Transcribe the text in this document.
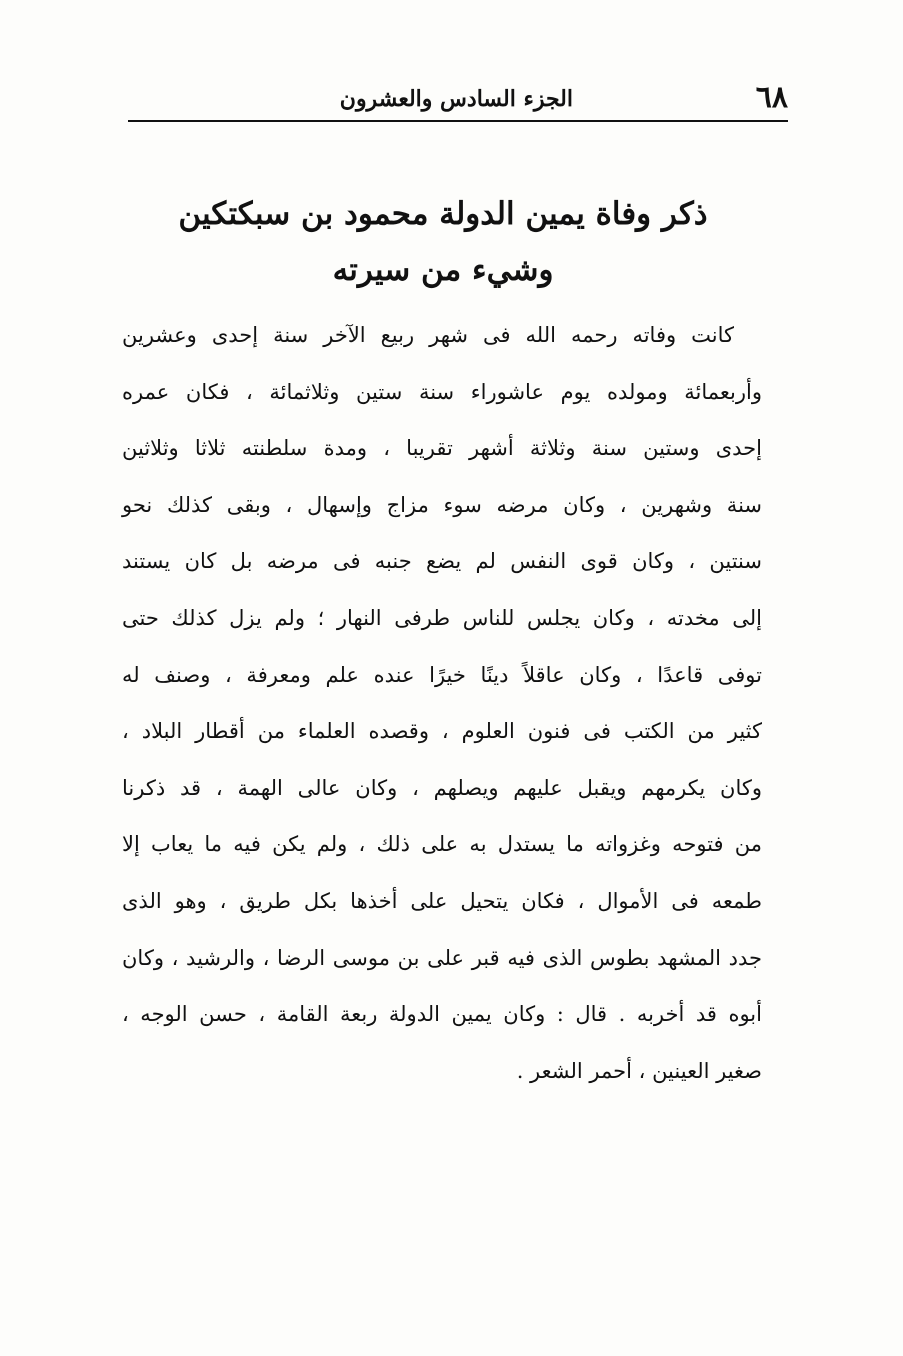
٦٨
الجزء السادس والعشرون
ذكر وفاة يمين الدولة محمود بن سبكتكين
وشيء من سيرته
كانت وفاته رحمه الله فى شهر ربيع الآخر سنة إحدى وعشرين
وأربعمائة ومولده يوم عاشوراء سنة ستين وثلاثمائة ، فكان عمره
إحدى وستين سنة وثلاثة أشهر تقريبا ، ومدة سلطنته ثلاثا وثلاثين
سنة وشهرين ، وكان مرضه سوء مزاج وإسهال ، وبقى كذلك نحو
سنتين ، وكان قوى النفس لم يضع جنبه فى مرضه بل كان يستند
إلى مخدته ، وكان يجلس للناس طرفى النهار ؛ ولم يزل كذلك حتى
توفى قاعدًا ، وكان عاقلاً دينًا خيرًا عنده علم ومعرفة ، وصنف له
كثير من الكتب فى فنون العلوم ، وقصده العلماء من أقطار البلاد ،
وكان يكرمهم ويقبل عليهم ويصلهم ، وكان عالى الهمة ، قد ذكرنا
من فتوحه وغزواته ما يستدل به على ذلك ، ولم يكن فيه ما يعاب إلا
طمعه فى الأموال ، فكان يتحيل على أخذها بكل طريق ، وهو الذى
جدد المشهد بطوس الذى فيه قبر على بن موسى الرضا ، والرشيد ، وكان
أبوه قد أخربه . قال : وكان يمين الدولة ربعة القامة ، حسن الوجه ،
صغير العينين ، أحمر الشعر .
